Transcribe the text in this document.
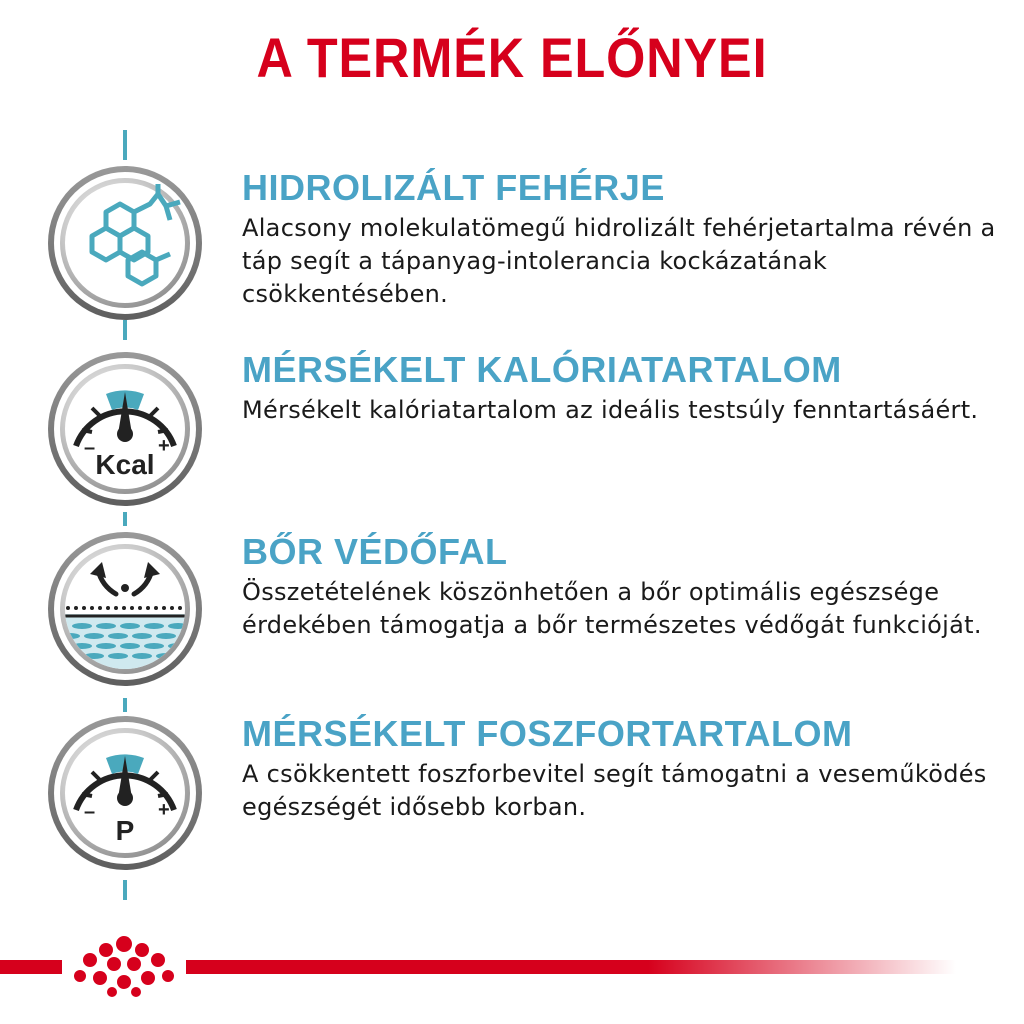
A TERMÉK ELŐNYEI
HIDROLIZÁLT FEHÉRJE

Alacsony molekulatömegű hidrolizált fehérjetartalma révén a táp segít a tápanyag-intolerancia kockázatának csökkentésében.

–	+
Kcal
MÉRSÉKELT KALÓRIATARTALOM

Mérsékelt kalóriatartalom az ideális testsúly fenntartásáért.

BŐR VÉDŐFAL

Összetételének köszönhetően a bőr optimális egészsége érdekében támogatja a bőr természetes védőgát funkcióját.

–	+
P
MÉRSÉKELT FOSZFORTARTALOM

A csökkentett foszforbevitel segít támogatni a veseműködés egészségét idősebb korban.
